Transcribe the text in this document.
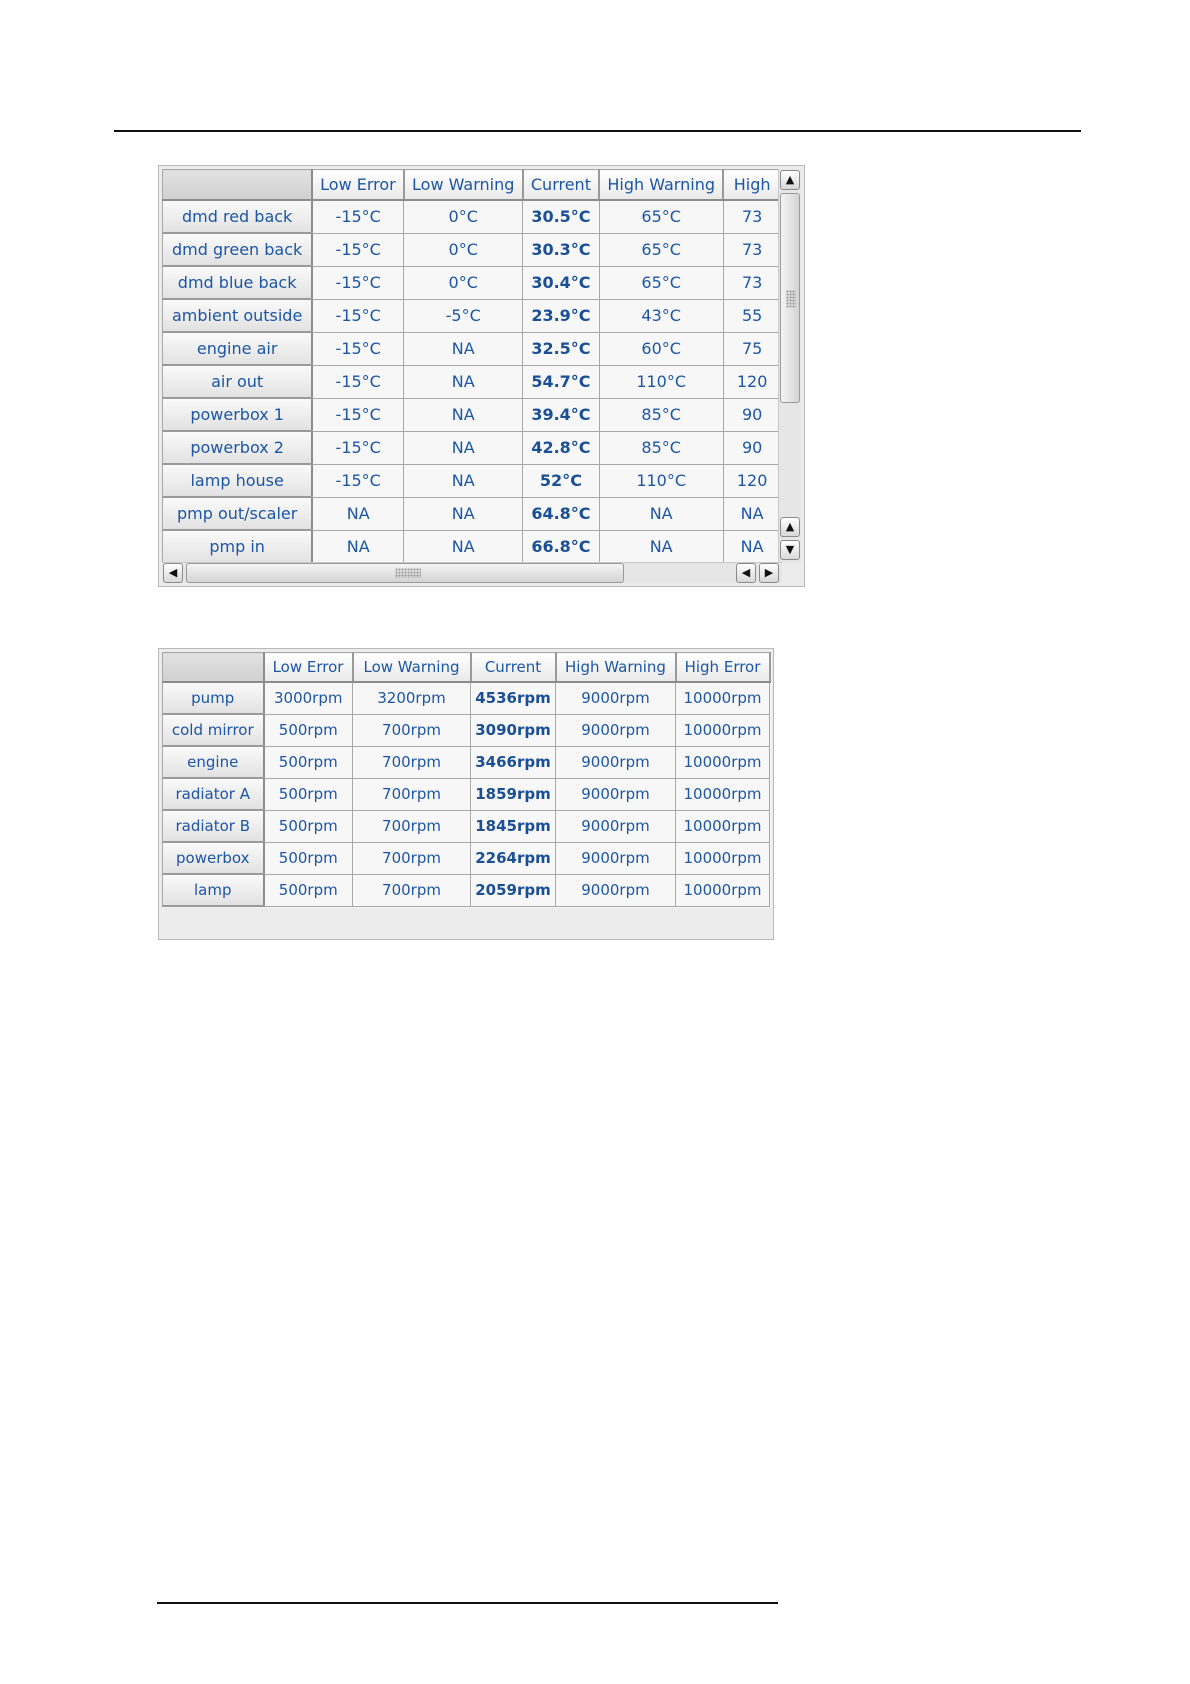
	Low Error	Low Warning	Current	High Warning	High
dmd red back	-15°C	0°C	30.5°C	65°C	73
dmd green back	-15°C	0°C	30.3°C	65°C	73
dmd blue back	-15°C	0°C	30.4°C	65°C	73
ambient outside	-15°C	-5°C	23.9°C	43°C	55
engine air	-15°C	NA	32.5°C	60°C	75
air out	-15°C	NA	54.7°C	110°C	120
powerbox 1	-15°C	NA	39.4°C	85°C	90
powerbox 2	-15°C	NA	42.8°C	85°C	90
lamp house	-15°C	NA	52°C	110°C	120
pmp out/scaler	NA	NA	64.8°C	NA	NA
pmp in	NA	NA	66.8°C	NA	NA
▲
▲
▼
◀	◀	▶
	Low Error	Low Warning	Current	High Warning	High Error
pump	3000rpm	3200rpm	4536rpm	9000rpm	10000rpm
cold mirror	500rpm	700rpm	3090rpm	9000rpm	10000rpm
engine	500rpm	700rpm	3466rpm	9000rpm	10000rpm
radiator A	500rpm	700rpm	1859rpm	9000rpm	10000rpm
radiator B	500rpm	700rpm	1845rpm	9000rpm	10000rpm
powerbox	500rpm	700rpm	2264rpm	9000rpm	10000rpm
lamp	500rpm	700rpm	2059rpm	9000rpm	10000rpm
